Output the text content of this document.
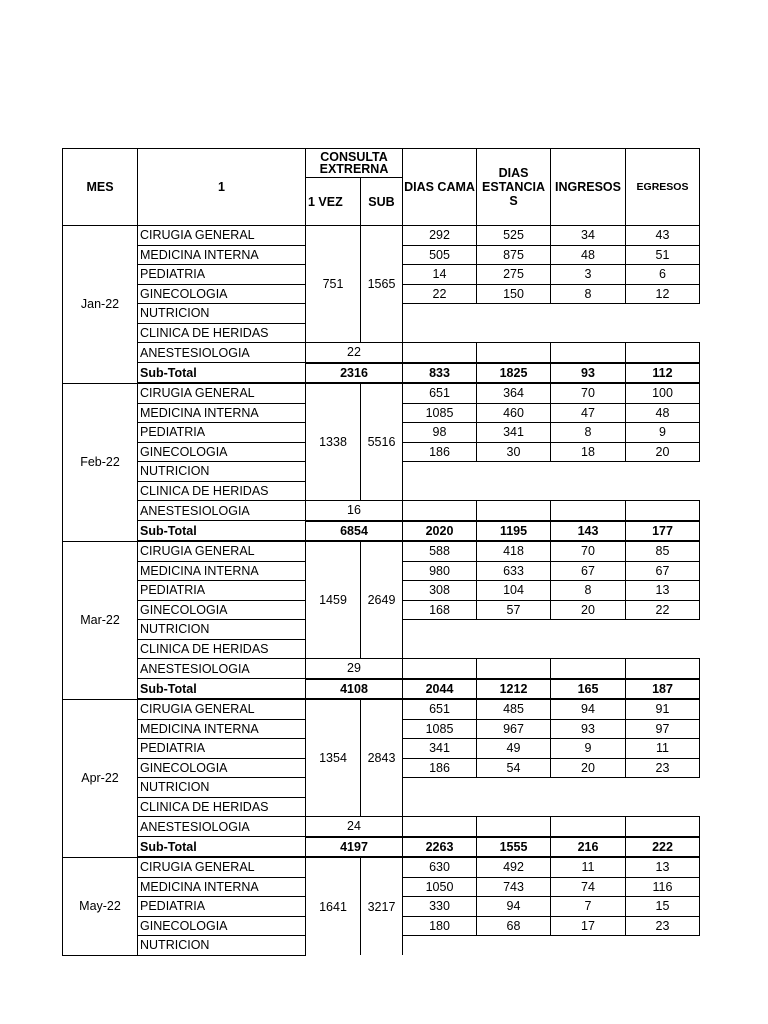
MES	1	CONSULTA EXTRERNA		DIAS CAMA	DIAS ESTANCIA S	INGRESOS	EGRESOS
		1 VEZ	SUB				
Jan-22	CIRUGIA GENERAL	751	1565	292	525	34	43
	MEDICINA INTERNA			505	875	48	51
	PEDIATRIA			14	275	3	6
	GINECOLOGIA			22	150	8	12
	NUTRICION						
	CLINICA DE HERIDAS						
	ANESTESIOLOGIA	22					
	Sub-Total	2316		833	1825	93	112
Feb-22	CIRUGIA GENERAL	1338	5516	651	364	70	100
	MEDICINA INTERNA			1085	460	47	48
	PEDIATRIA			98	341	8	9
	GINECOLOGIA			186	30	18	20
	NUTRICION						
	CLINICA DE HERIDAS						
	ANESTESIOLOGIA	16					
	Sub-Total	6854		2020	1195	143	177
Mar-22	CIRUGIA GENERAL	1459	2649	588	418	70	85
	MEDICINA INTERNA			980	633	67	67
	PEDIATRIA			308	104	8	13
	GINECOLOGIA			168	57	20	22
	NUTRICION						
	CLINICA DE HERIDAS						
	ANESTESIOLOGIA	29					
	Sub-Total	4108		2044	1212	165	187
Apr-22	CIRUGIA GENERAL	1354	2843	651	485	94	91
	MEDICINA INTERNA			1085	967	93	97
	PEDIATRIA			341	49	9	11
	GINECOLOGIA			186	54	20	23
	NUTRICION						
	CLINICA DE HERIDAS						
	ANESTESIOLOGIA	24					
	Sub-Total	4197		2263	1555	216	222
May-22	CIRUGIA GENERAL	1641	3217	630	492	11	13
	MEDICINA INTERNA			1050	743	74	116
	PEDIATRIA			330	94	7	15
	GINECOLOGIA			180	68	17	23
	NUTRICION						
